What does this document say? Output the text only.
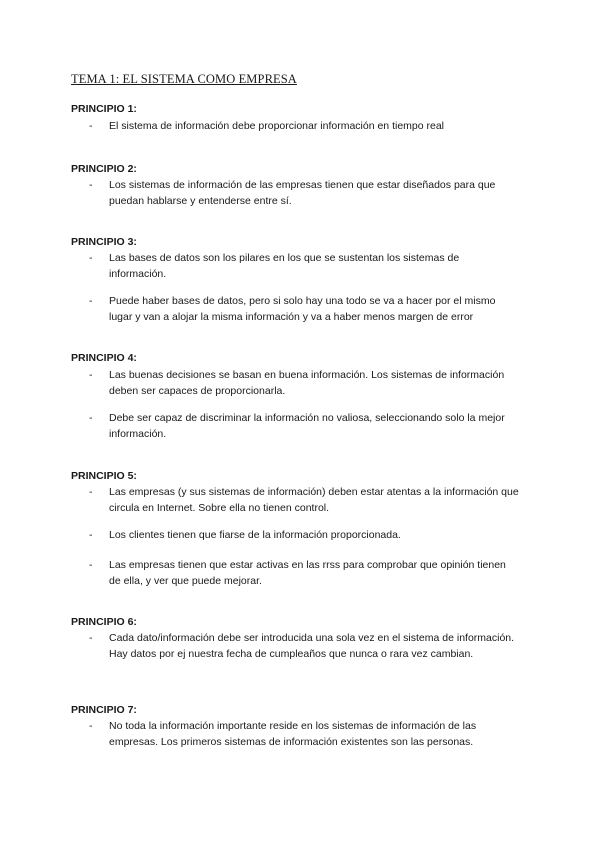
TEMA 1: EL SISTEMA COMO EMPRESA
PRINCIPIO 1:
- El sistema de información debe proporcionar información en tiempo real
PRINCIPIO 2:
- Los sistemas de información de las empresas tienen que estar diseñados para que puedan hablarse y entenderse entre sí.
PRINCIPIO 3:
- Las bases de datos son los pilares en los que se sustentan los sistemas de información.
- Puede haber bases de datos, pero si solo hay una todo se va a hacer por el mismo lugar y van a alojar la misma información y va a haber menos margen de error
PRINCIPIO 4:
- Las buenas decisiones se basan en buena información. Los sistemas de información deben ser capaces de proporcionarla.
- Debe ser capaz de discriminar la información no valiosa, seleccionando solo la mejor información.
PRINCIPIO 5:
- Las empresas (y sus sistemas de información) deben estar atentas a la información que circula en Internet. Sobre ella no tienen control.
- Los clientes tienen que fiarse de la información proporcionada.
- Las empresas tienen que estar activas en las rrss para comprobar que opinión tienen de ella, y ver que puede mejorar.
PRINCIPIO 6:
- Cada dato/información debe ser introducida una sola vez en el sistema de información. Hay datos por ej nuestra fecha de cumpleaños que nunca o rara vez cambian.
PRINCIPIO 7:
- No toda la información importante reside en los sistemas de información de las empresas. Los primeros sistemas de información existentes son las personas.
